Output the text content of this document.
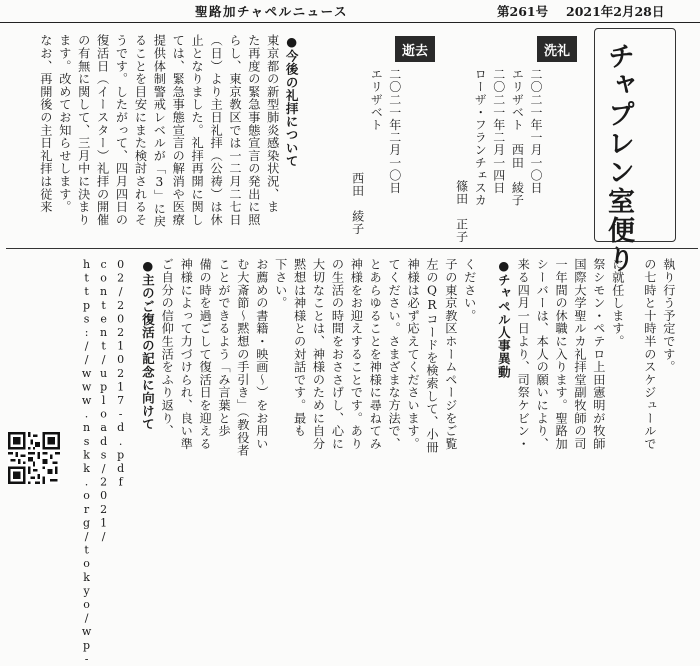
聖路加チャペルニュース	第261号 2021年2月28日
チャプレン室便り
洗礼

二〇二一年一月一〇日

エリザベト　西田　綾子

二〇二一年二月一四日

ローザ・フランチェスカ

篠田　正子

逝去

二〇二一年二月一〇日

エリザベト

西田　綾子

●今後の礼拝について

東京都の新型肺炎感染状況、ま

た再度の緊急事態宣言の発出に照

らし、東京教区では一二月二七日

（日）より主日礼拝（公祷）は休

止となりました。礼拝再開に関し

ては、緊急事態宣言の解消や医療

提供体制警戒レベルが「3」に戻

ることを目安にまた検討されるそ

うです。したがって、四月四日の

復活日（イースター）礼拝の開催

の有無に関して、三月中に決まり

ます。改めてお知らせします。

なお、再開後の主日礼拝は従来

02/20210217-d.pdf

content/uploads/2021/

https://www.nskk.org/tokyo/wp-	ください。

子の東京教区ホームページをご覧

左のQRコードを検索して、小冊

神様は必ず応えてくださいます。

てください。さまざまな方法で、

とあらゆることを神様に尋ねてみ

神様をお迎えすることです。あり

の生活の時間をおささげし、心に

大切なことは、神様のために自分

黙想は神様との対話です。最も

下さい。

お薦めの書籍・映画〜）をお用い

む大斎節〜黙想の手引き」（教役者

ことができるよう「み言葉と歩

備の時を過ごして復活日を迎える

神様によって力づけられ、良い準

ご自分の信仰生活をふり返り、

●主のご復活の記念に向けて	に就任します。

祭シモン・ペテロ上田憲明が牧師

国際大学聖ルカ礼拝堂副牧師の司

一年間の休職に入ります。聖路加

シーバーは、本人の願いにより、

来る四月一日より、司祭ケビン・

●チャペル人事異動	執り行う予定です。

の七時と十時半のスケジュールで
